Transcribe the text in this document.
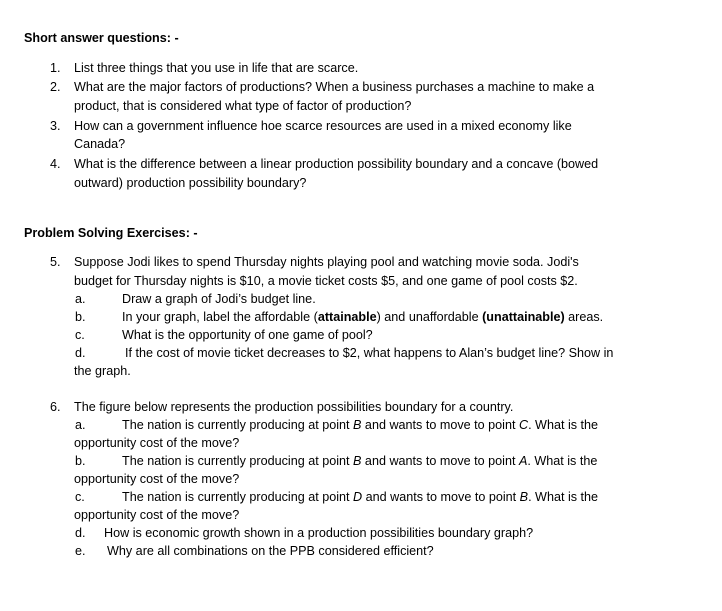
Short answer questions: -
1. List three things that you use in life that are scarce.
2. What are the major factors of productions? When a business purchases a machine to make a
product, that is considered what type of factor of production?
3. How can a government influence hoe scarce resources are used in a mixed economy like
Canada?
4. What is the difference between a linear production possibility boundary and a concave (bowed
outward) production possibility boundary?
Problem Solving Exercises: -
5. Suppose Jodi likes to spend Thursday nights playing pool and watching movie soda. Jodi's
budget for Thursday nights is $10, a movie ticket costs $5, and one game of pool costs $2.
a.	Draw a graph of Jodi’s budget line.
b.	In your graph, label the affordable (attainable) and unaffordable (unattainable) areas.
c.	What is the opportunity of one game of pool?
d.	If the cost of movie ticket decreases to $2, what happens to Alan’s budget line? Show in
the graph.
6. The figure below represents the production possibilities boundary for a country.
a.	The nation is currently producing at point B and wants to move to point C. What is the
opportunity cost of the move?
b.	The nation is currently producing at point B and wants to move to point A. What is the
opportunity cost of the move?
c.	The nation is currently producing at point D and wants to move to point B. What is the
opportunity cost of the move?
d. How is economic growth shown in a production possibilities boundary graph?
e. Why are all combinations on the PPB considered efficient?
